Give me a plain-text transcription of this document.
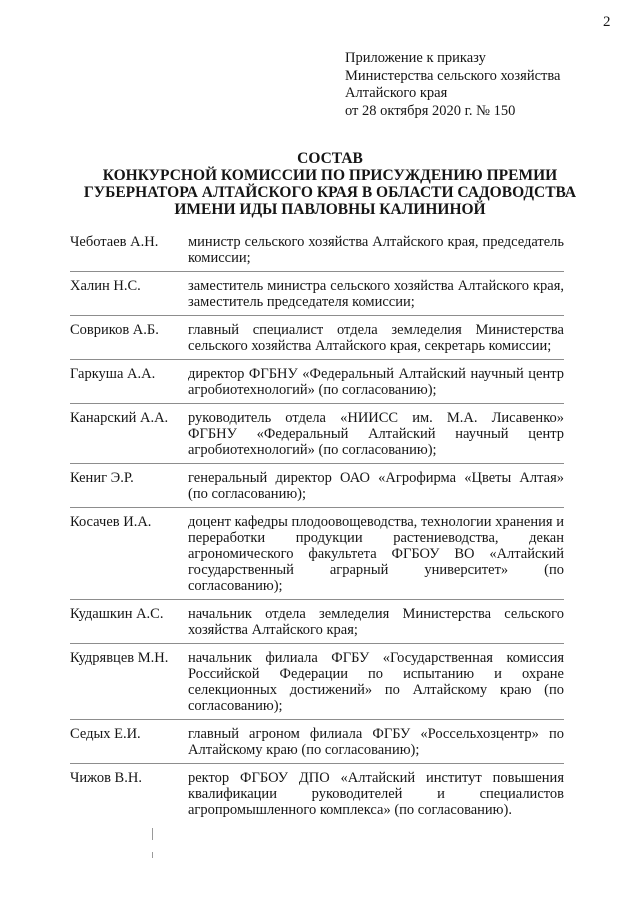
2
Приложение к приказу
Министерства сельского хозяйства
Алтайского края
от 28 октября 2020 г. № 150
СОСТАВ
КОНКУРСНОЙ КОМИССИИ ПО ПРИСУЖДЕНИЮ ПРЕМИИ
ГУБЕРНАТОРА АЛТАЙСКОГО КРАЯ В ОБЛАСТИ САДОВОДСТВА
ИМЕНИ ИДЫ ПАВЛОВНЫ КАЛИНИНОЙ
Чеботаев А.Н.	министр сельского хозяйства Алтайского края, председатель комиссии;
Халин Н.С.	заместитель министра сельского хозяйства Алтайского края, заместитель председателя комиссии;
Совриков А.Б.	главный специалист отдела земледелия Министерства сельского хозяйства Алтайского края, секретарь комиссии;
Гаркуша А.А.	директор ФГБНУ «Федеральный Алтайский научный центр агробиотехнологий» (по согласованию);
Канарский А.А.	руководитель отдела «НИИСС им. М.А. Лисавенко» ФГБНУ «Федеральный Алтайский научный центр агробиотехнологий» (по согласованию);
Кениг Э.Р.	генеральный директор ОАО «Агрофирма «Цветы Алтая» (по согласованию);
Косачев И.А.	доцент кафедры плодоовощеводства, технологии хранения и переработки продукции растениеводства, декан агрономического факультета ФГБОУ ВО «Алтайский государственный аграрный университет» (по согласованию);
Кудашкин А.С.	начальник отдела земледелия Министерства сельского хозяйства Алтайского края;
Кудрявцев М.Н.	начальник филиала ФГБУ «Государственная комиссия Российской Федерации по испытанию и охране селекционных достижений» по Алтайскому краю (по согласованию);
Седых Е.И.	главный агроном филиала ФГБУ «Россельхозцентр» по Алтайскому краю (по согласованию);
Чижов В.Н.	ректор ФГБОУ ДПО «Алтайский институт повышения квалификации руководителей и специалистов агропромышленного комплекса» (по согласованию).
